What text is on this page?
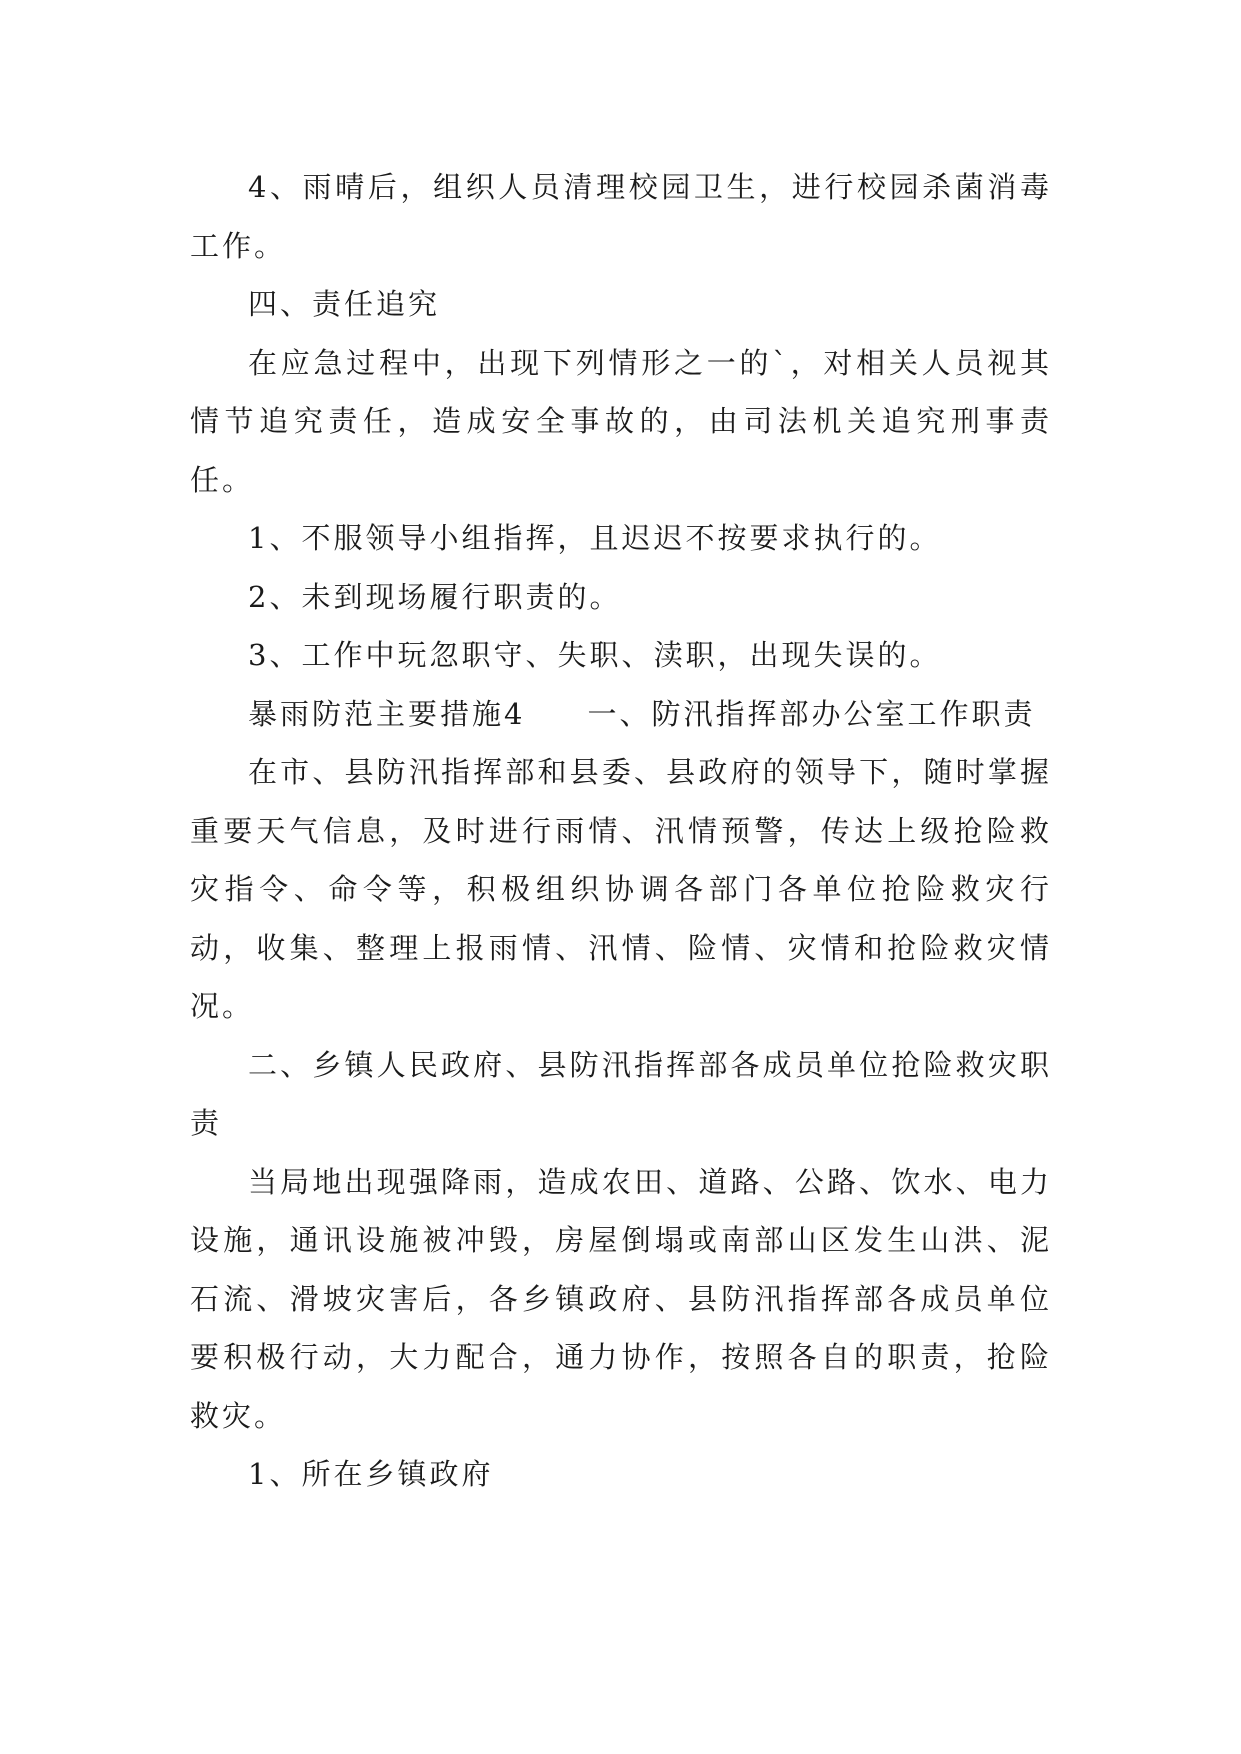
4、雨晴后，组织人员清理校园卫生，进行校园杀菌消毒工作。

四、责任追究

在应急过程中，出现下列情形之一的`，对相关人员视其情节追究责任，造成安全事故的，由司法机关追究刑事责任。

1、不服领导小组指挥，且迟迟不按要求执行的。

2、未到现场履行职责的。

3、工作中玩忽职守、失职、渎职，出现失误的。

暴雨防范主要措施4 一、防汛指挥部办公室工作职责

在市、县防汛指挥部和县委、县政府的领导下，随时掌握重要天气信息，及时进行雨情、汛情预警，传达上级抢险救灾指令、命令等，积极组织协调各部门各单位抢险救灾行动，收集、整理上报雨情、汛情、险情、灾情和抢险救灾情况。

二、乡镇人民政府、县防汛指挥部各成员单位抢险救灾职责

当局地出现强降雨，造成农田、道路、公路、饮水、电力设施，通讯设施被冲毁，房屋倒塌或南部山区发生山洪、泥石流、滑坡灾害后，各乡镇政府、县防汛指挥部各成员单位要积极行动，大力配合，通力协作，按照各自的职责，抢险救灾。

1、所在乡镇政府
